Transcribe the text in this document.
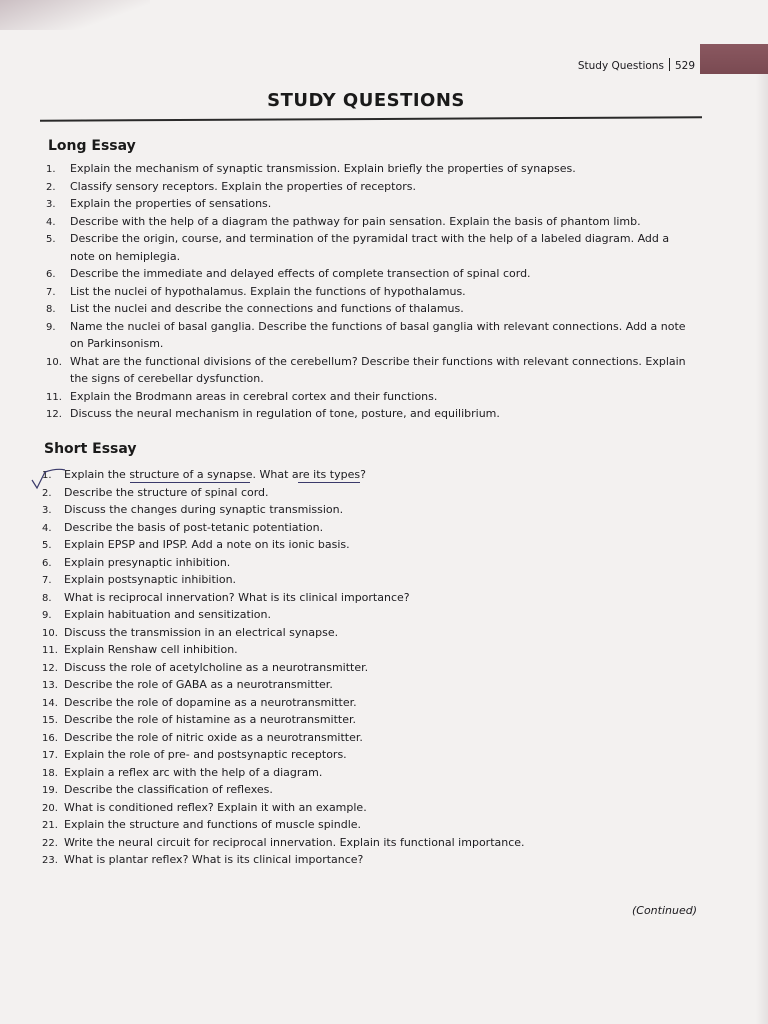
Study Questions 529
STUDY QUESTIONS
Long Essay
1. Explain the mechanism of synaptic transmission. Explain briefly the properties of synapses.
2. Classify sensory receptors. Explain the properties of receptors.
3. Explain the properties of sensations.
4. Describe with the help of a diagram the pathway for pain sensation. Explain the basis of phantom limb.
5. Describe the origin, course, and termination of the pyramidal tract with the help of a labeled diagram. Add a note on hemiplegia.
6. Describe the immediate and delayed effects of complete transection of spinal cord.
7. List the nuclei of hypothalamus. Explain the functions of hypothalamus.
8. List the nuclei and describe the connections and functions of thalamus.
9. Name the nuclei of basal ganglia. Describe the functions of basal ganglia with relevant connections. Add a note on Parkinsonism.
10. What are the functional divisions of the cerebellum? Describe their functions with relevant connections. Explain the signs of cerebellar dysfunction.
11. Explain the Brodmann areas in cerebral cortex and their functions.
12. Discuss the neural mechanism in regulation of tone, posture, and equilibrium.
Short Essay
1. Explain the structure of a synapse. What are its types?
2. Describe the structure of spinal cord.
3. Discuss the changes during synaptic transmission.
4. Describe the basis of post-tetanic potentiation.
5. Explain EPSP and IPSP. Add a note on its ionic basis.
6. Explain presynaptic inhibition.
7. Explain postsynaptic inhibition.
8. What is reciprocal innervation? What is its clinical importance?
9. Explain habituation and sensitization.
10. Discuss the transmission in an electrical synapse.
11. Explain Renshaw cell inhibition.
12. Discuss the role of acetylcholine as a neurotransmitter.
13. Describe the role of GABA as a neurotransmitter.
14. Describe the role of dopamine as a neurotransmitter.
15. Describe the role of histamine as a neurotransmitter.
16. Describe the role of nitric oxide as a neurotransmitter.
17. Explain the role of pre- and postsynaptic receptors.
18. Explain a reflex arc with the help of a diagram.
19. Describe the classification of reflexes.
20. What is conditioned reflex? Explain it with an example.
21. Explain the structure and functions of muscle spindle.
22. Write the neural circuit for reciprocal innervation. Explain its functional importance.
23. What is plantar reflex? What is its clinical importance?
(Continued)
